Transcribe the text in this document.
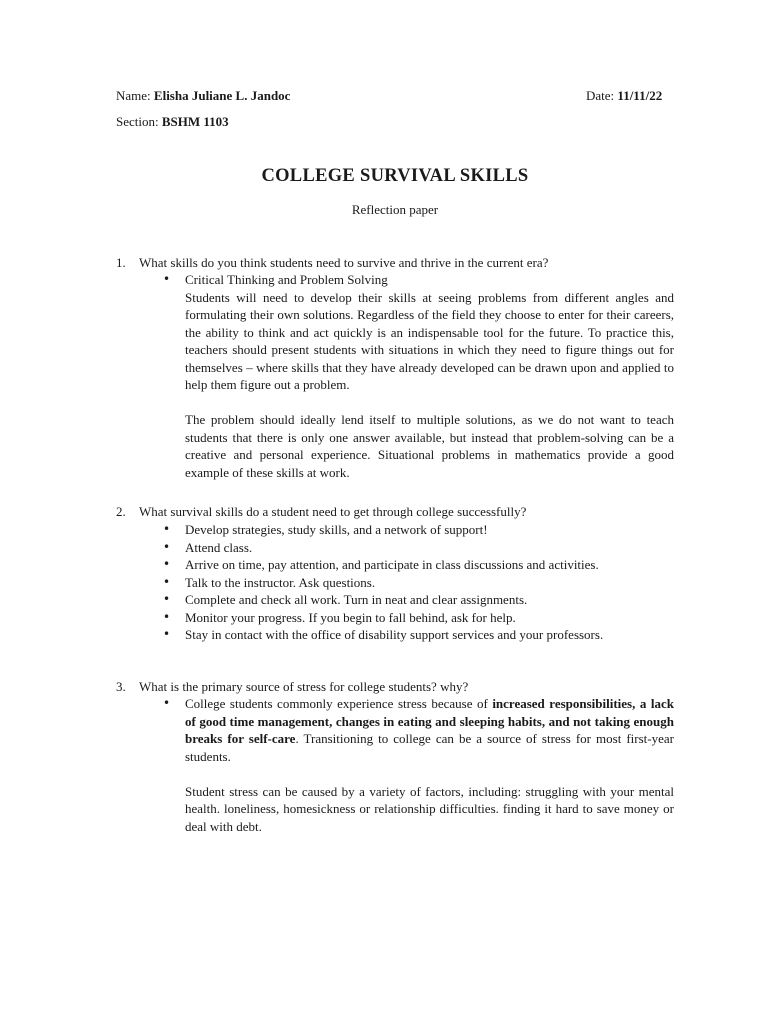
Name: Elisha Juliane L. Jandoc	Date: 11/11/22
Section: BSHM 1103
COLLEGE SURVIVAL SKILLS
Reflection paper
1. What skills do you think students need to survive and thrive in the current era?
• Critical Thinking and Problem Solving
Students will need to develop their skills at seeing problems from different angles and formulating their own solutions. Regardless of the field they choose to enter for their careers, the ability to think and act quickly is an indispensable tool for the future. To practice this, teachers should present students with situations in which they need to figure things out for themselves – where skills that they have already developed can be drawn upon and applied to help them figure out a problem.
The problem should ideally lend itself to multiple solutions, as we do not want to teach students that there is only one answer available, but instead that problem-solving can be a creative and personal experience. Situational problems in mathematics provide a good example of these skills at work.
2. What survival skills do a student need to get through college successfully?
• Develop strategies, study skills, and a network of support!
• Attend class.
• Arrive on time, pay attention, and participate in class discussions and activities.
• Talk to the instructor. Ask questions.
• Complete and check all work. Turn in neat and clear assignments.
• Monitor your progress. If you begin to fall behind, ask for help.
• Stay in contact with the office of disability support services and your professors.
3. What is the primary source of stress for college students? why?
• College students commonly experience stress because of increased responsibilities, a lack of good time management, changes in eating and sleeping habits, and not taking enough breaks for self-care. Transitioning to college can be a source of stress for most first-year students.
Student stress can be caused by a variety of factors, including: struggling with your mental health. loneliness, homesickness or relationship difficulties. finding it hard to save money or deal with debt.
